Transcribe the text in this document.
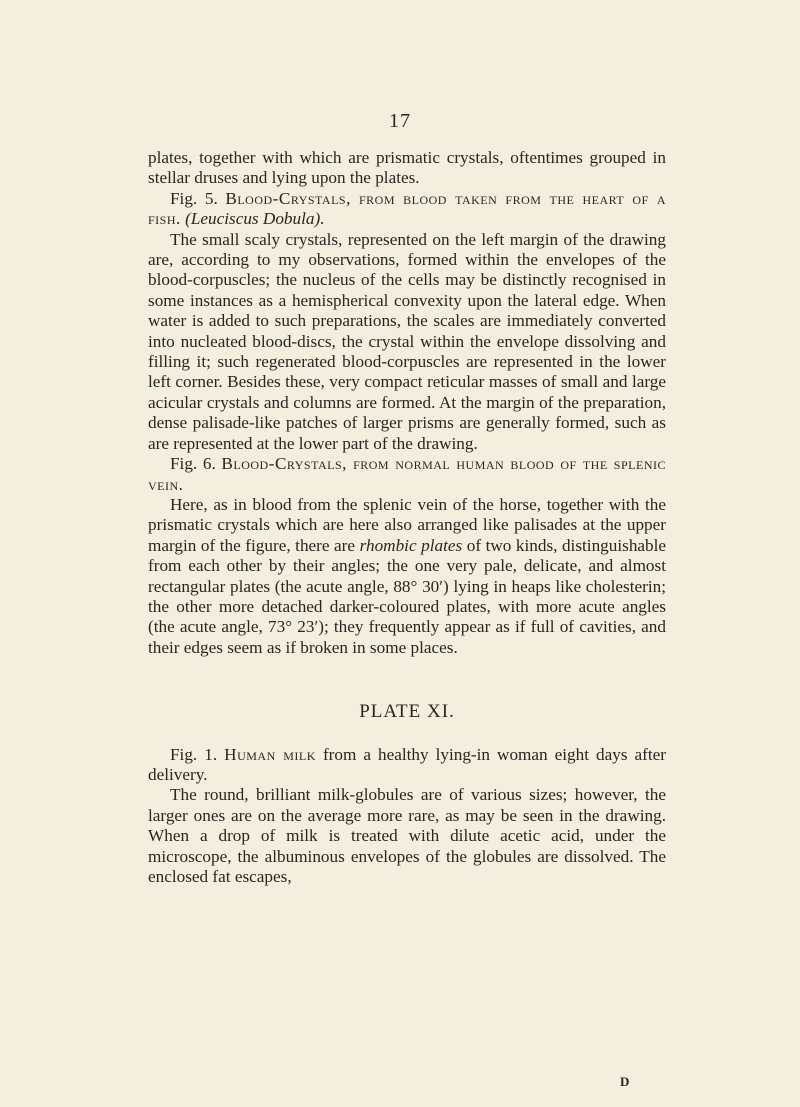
17

plates, together with which are prismatic crystals, oftentimes grouped in stellar druses and lying upon the plates.

Fig. 5. Blood-Crystals, from blood taken from the heart of a fish. (Leuciscus Dobula).

The small scaly crystals, represented on the left margin of the drawing are, according to my observations, formed within the envelopes of the blood-corpuscles; the nucleus of the cells may be distinctly recognised in some instances as a hemispherical convexity upon the lateral edge. When water is added to such preparations, the scales are immediately converted into nucleated blood-discs, the crystal within the envelope dissolving and filling it; such regenerated blood-corpuscles are represented in the lower left corner. Besides these, very compact reticular masses of small and large acicular crystals and columns are formed. At the margin of the preparation, dense palisade-like patches of larger prisms are generally formed, such as are represented at the lower part of the drawing.

Fig. 6. Blood-Crystals, from normal human blood of the splenic vein.

Here, as in blood from the splenic vein of the horse, together with the prismatic crystals which are here also arranged like palisades at the upper margin of the figure, there are rhombic plates of two kinds, distinguishable from each other by their angles; the one very pale, delicate, and almost rectangular plates (the acute angle, 88° 30′) lying in heaps like cholesterin; the other more detached darker-coloured plates, with more acute angles (the acute angle, 73° 23′); they frequently appear as if full of cavities, and their edges seem as if broken in some places.

PLATE XI.

Fig. 1. Human milk from a healthy lying-in woman eight days after delivery.

The round, brilliant milk-globules are of various sizes; however, the larger ones are on the average more rare, as may be seen in the drawing. When a drop of milk is treated with dilute acetic acid, under the microscope, the albuminous envelopes of the globules are dissolved. The enclosed fat escapes,

D
